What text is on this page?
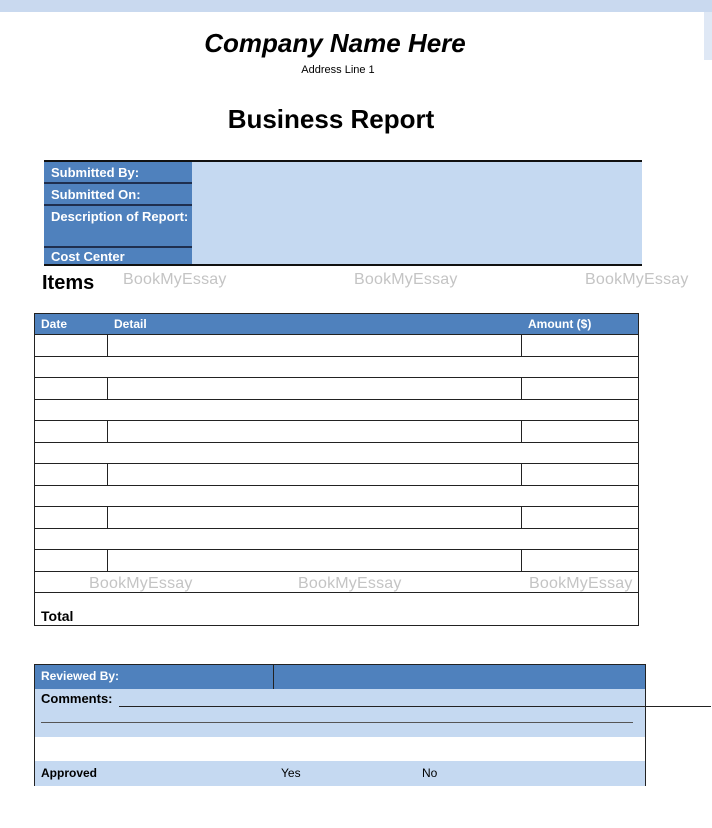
Company Name Here
Address Line 1
Business Report
Submitted By:
Submitted On:
Description of Report:
Cost Center
Items BookMyEssay	BookMyEssay	BookMyEssay
Date	Detail	Amount ($)
BookMyEssay	BookMyEssay	BookMyEssay
Total
Reviewed By:
Comments:
Approved	Yes	No
